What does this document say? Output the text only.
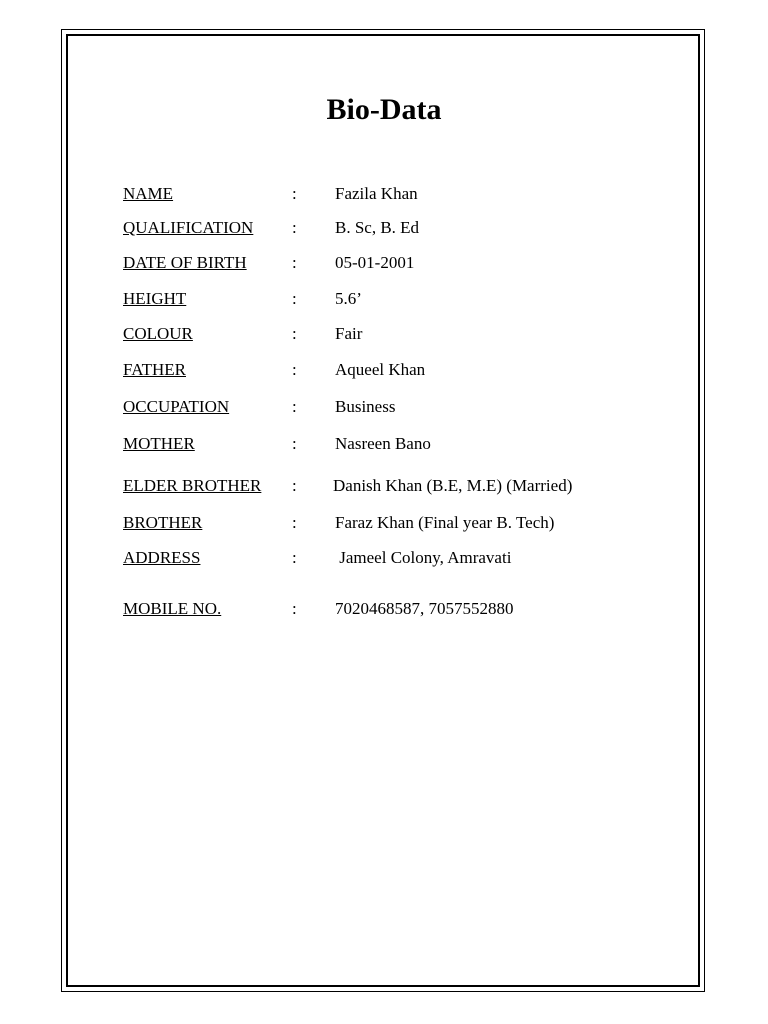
Bio-Data
NAME	: Fazila Khan
QUALIFICATION : B. Sc, B. Ed
DATE OF BIRTH	: 05-01-2001
HEIGHT	: 5.6’
COLOUR	: Fair
FATHER	: Aqueel Khan
OCCUPATION	: Business
MOTHER	: Nasreen Bano
ELDER BROTHER : Danish Khan (B.E, M.E) (Married)
BROTHER	: Faraz Khan (Final year B. Tech)
ADDRESS	: Jameel Colony, Amravati
MOBILE NO.	: 7020468587, 7057552880
